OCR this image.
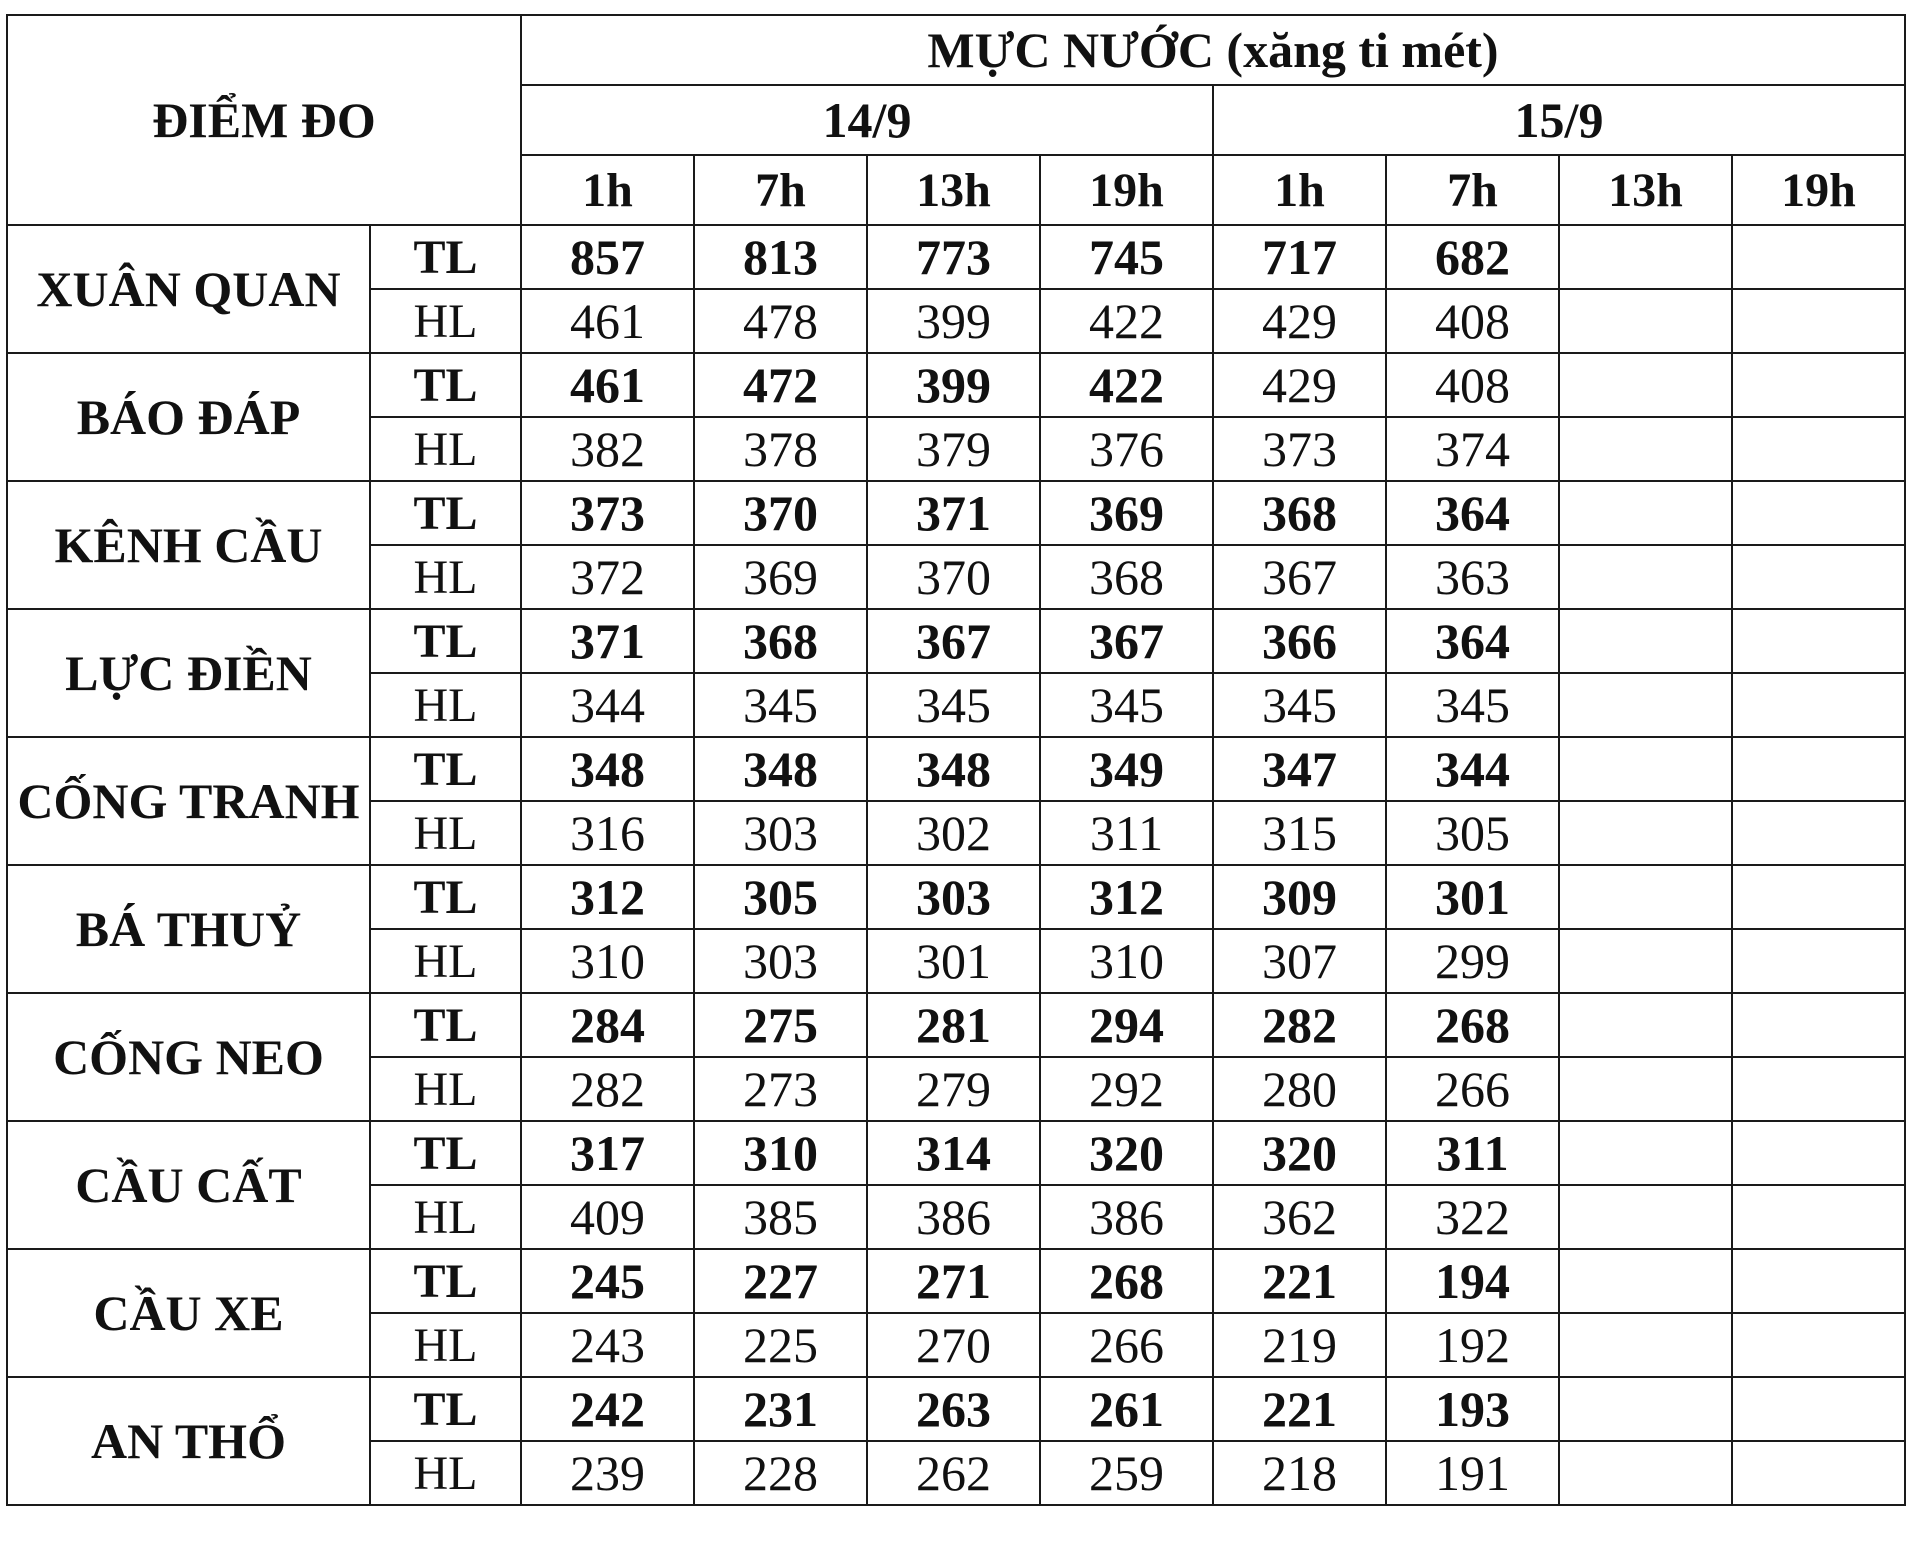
ĐIỂM ĐO		MỰC NƯỚC (xăng ti mét)							
		14/9				15/9			
		1h	7h	13h	19h	1h	7h	13h	19h
XUÂN QUAN	TL	857	813	773	745	717	682		
	HL	461	478	399	422	429	408		
BÁO ĐÁP	TL	461	472	399	422	429	408		
	HL	382	378	379	376	373	374		
KÊNH CẦU	TL	373	370	371	369	368	364		
	HL	372	369	370	368	367	363		
LỰC ĐIỀN	TL	371	368	367	367	366	364		
	HL	344	345	345	345	345	345		
CỐNG TRANH	TL	348	348	348	349	347	344		
	HL	316	303	302	311	315	305		
BÁ THUỶ	TL	312	305	303	312	309	301		
	HL	310	303	301	310	307	299		
CỐNG NEO	TL	284	275	281	294	282	268		
	HL	282	273	279	292	280	266		
CẦU CẤT	TL	317	310	314	320	320	311		
	HL	409	385	386	386	362	322		
CẦU XE	TL	245	227	271	268	221	194		
	HL	243	225	270	266	219	192		
AN THỔ	TL	242	231	263	261	221	193		
	HL	239	228	262	259	218	191		
